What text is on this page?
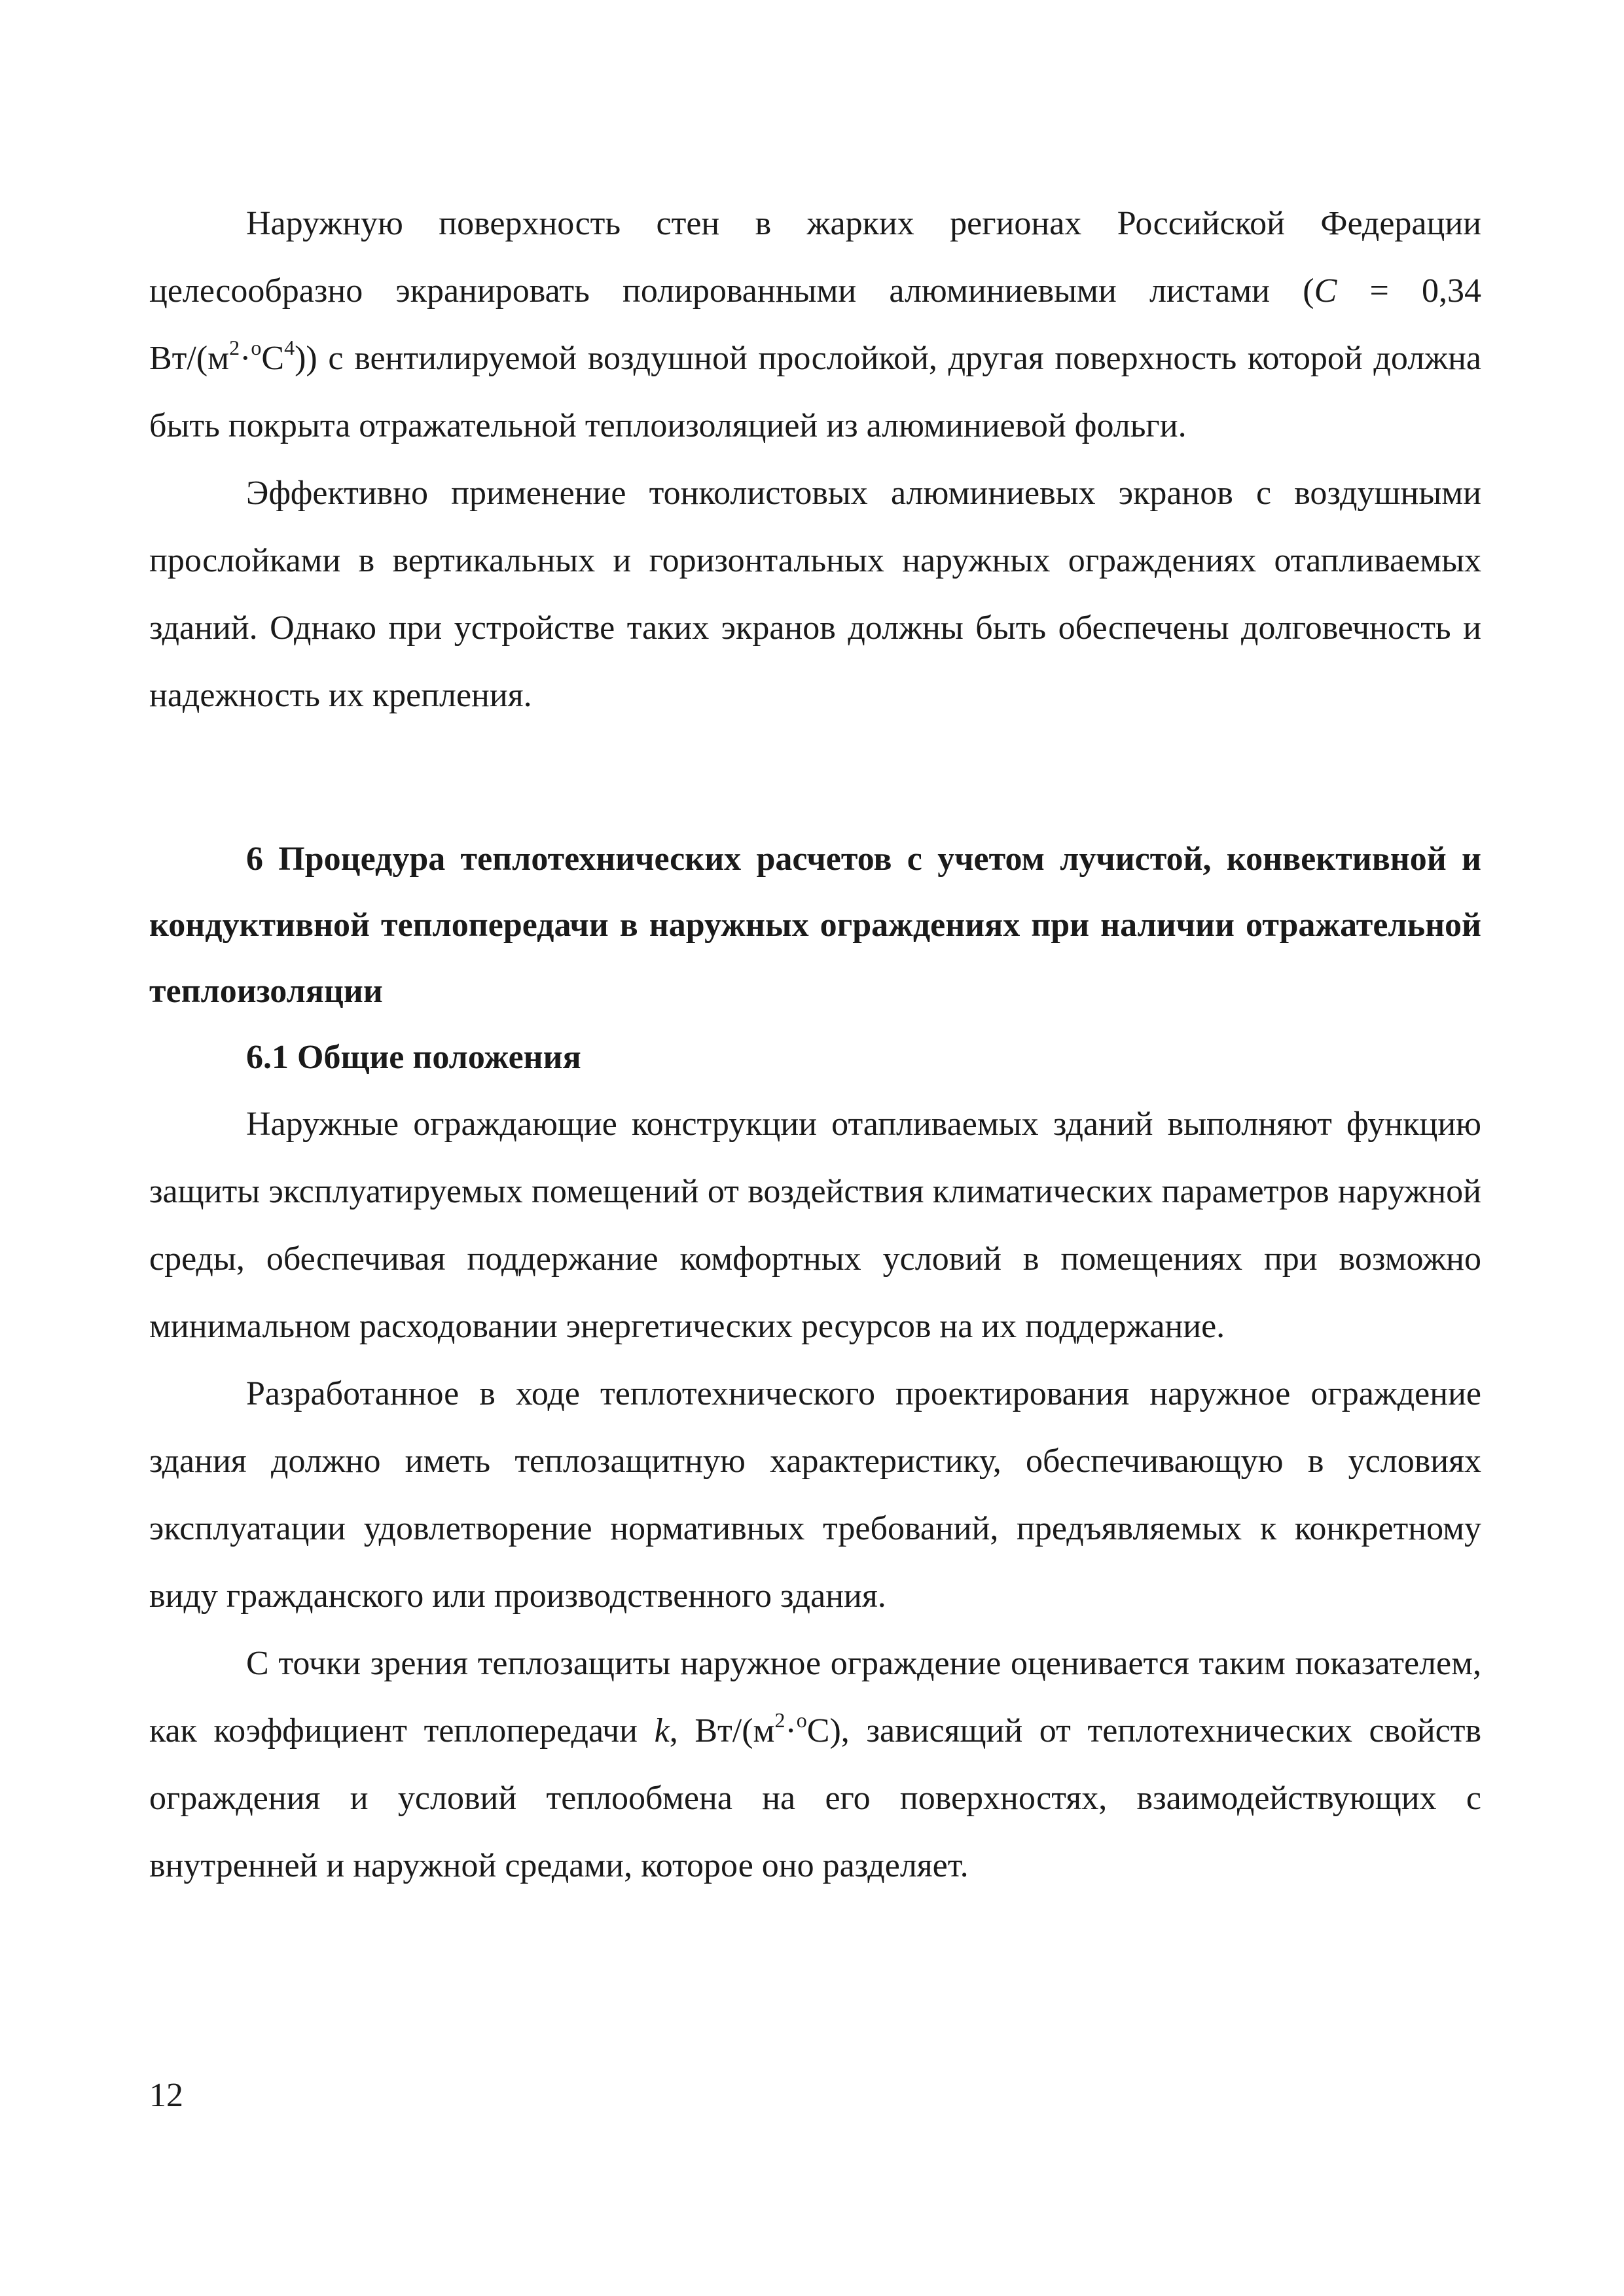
Наружную поверхность стен в жарких регионах Российской Федерации целесообразно экранировать полированными алюминиевыми листами (С = 0,34 $Вт/(м^2\cdot^оС^4)$) с вентилируемой воздушной прослойкой, другая поверхность которой должна быть покрыта отражательной теплоизоляцией из алюминиевой фольги.

Эффективно применение тонколистовых алюминиевых экранов с воздушными прослойками в вертикальных и горизонтальных наружных ограждениях отапливаемых зданий. Однако при устройстве таких экранов должны быть обеспечены долговечность и надежность их крепления.

6 Процедура теплотехнических расчетов с учетом лучистой, конвективной и кондуктивной теплопередачи в наружных ограждениях при наличии отражательной теплоизоляции

6.1 Общие положения

Наружные ограждающие конструкции отапливаемых зданий выполняют функцию защиты эксплуатируемых помещений от воздействия климатических параметров наружной среды, обеспечивая поддержание комфортных условий в помещениях при возможно минимальном расходовании энергетических ресурсов на их поддержание.

Разработанное в ходе теплотехнического проектирования наружное ограждение здания должно иметь теплозащитную характеристику, обеспечивающую в условиях эксплуатации удовлетворение нормативных требований, предъявляемых к конкретному виду гражданского или производственного здания.

С точки зрения теплозащиты наружное ограждение оценивается таким показателем, как коэффициент теплопередачи k, $Вт/(м^2\cdot^оС)$, зависящий от теплотехнических свойств ограждения и условий теплообмена на его поверхностях, взаимодействующих с внутренней и наружной средами, которое оно разделяет.

12
